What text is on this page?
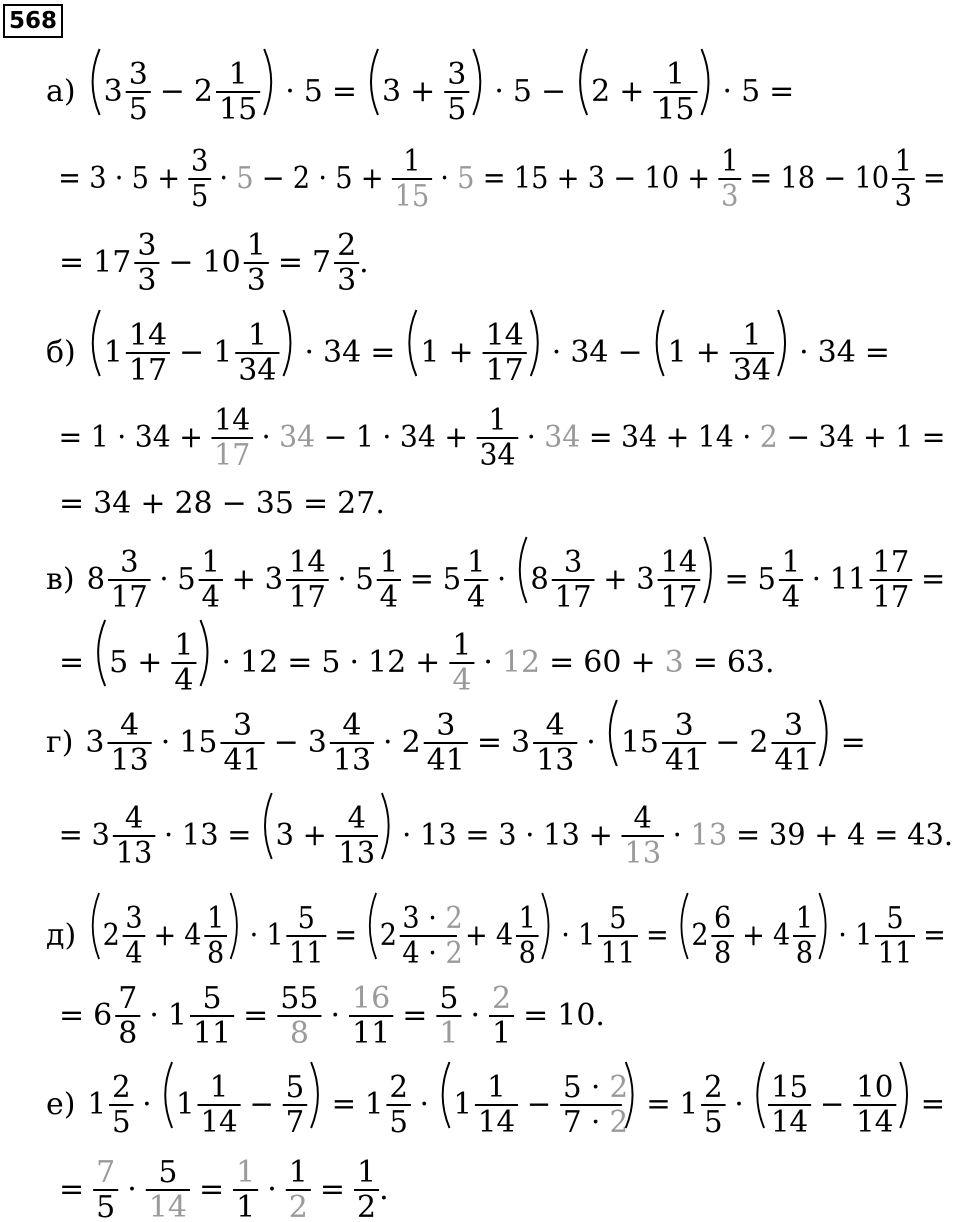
568
а) 3 3
5
− 2 1
15
· 5 = 3 + 3
5
· 5 − 2 + 1
15
· 5 =
= 3 · 5 + 3
5
· 5 − 2 · 5 + 1
15
· 5 = 15 + 3 − 10 + 1
3
= 18 − 10 1
3
=
= 17 3
3
− 10 1
3
= 7 2
3
.
б) 1 14
17
− 1 1
34
· 34 = 1 + 14
17
· 34 − 1 + 1
34
· 34 =
= 1 · 34 + 14
17
· 34 − 1 · 34 + 1
34
· 34 = 34 + 14 · 2 − 34 + 1 =
= 34 + 28 − 35 = 27 .
в) 8 3
17
· 5 1
4
+ 3 14
17
· 5 1
4
= 5 1
4
· 8 3
17
+ 3 14
17
= 5 1
4
· 11 17
17
=
= 5 + 1
4
· 12 = 5 · 12 + 1
4
· 12 = 60 + 3 = 63 .
г) 3 4
13
· 15 3
41
− 3 4
13
· 2 3
41
= 3 4
13
· 15 3
41
− 2 3
41
=
= 3 4
13
· 13 = 3 + 4
13
· 13 = 3 · 13 + 4
13
· 13 = 39 + 4 = 43 .
д) 2 3
4
+ 4 1
8
· 1 5
11
= 2 3 · 2
4 · 2
+ 4 1
8
· 1 5
11
= 2 6
8
+ 4 1
8
· 1 5
11
=
= 6 7
8
· 1 5
11
= 55
8
· 16
11
= 5
1
· 2
1
= 10 .
е) 1 2
5
· 1 1
14
− 5
7
= 1 2
5
· 1 1
14
− 5 · 2
7 · 2
= 1 2
5
· 15
14
− 10
14
=
= 7
5
· 5
14
= 1
1
· 1
2
= 1
2
.
